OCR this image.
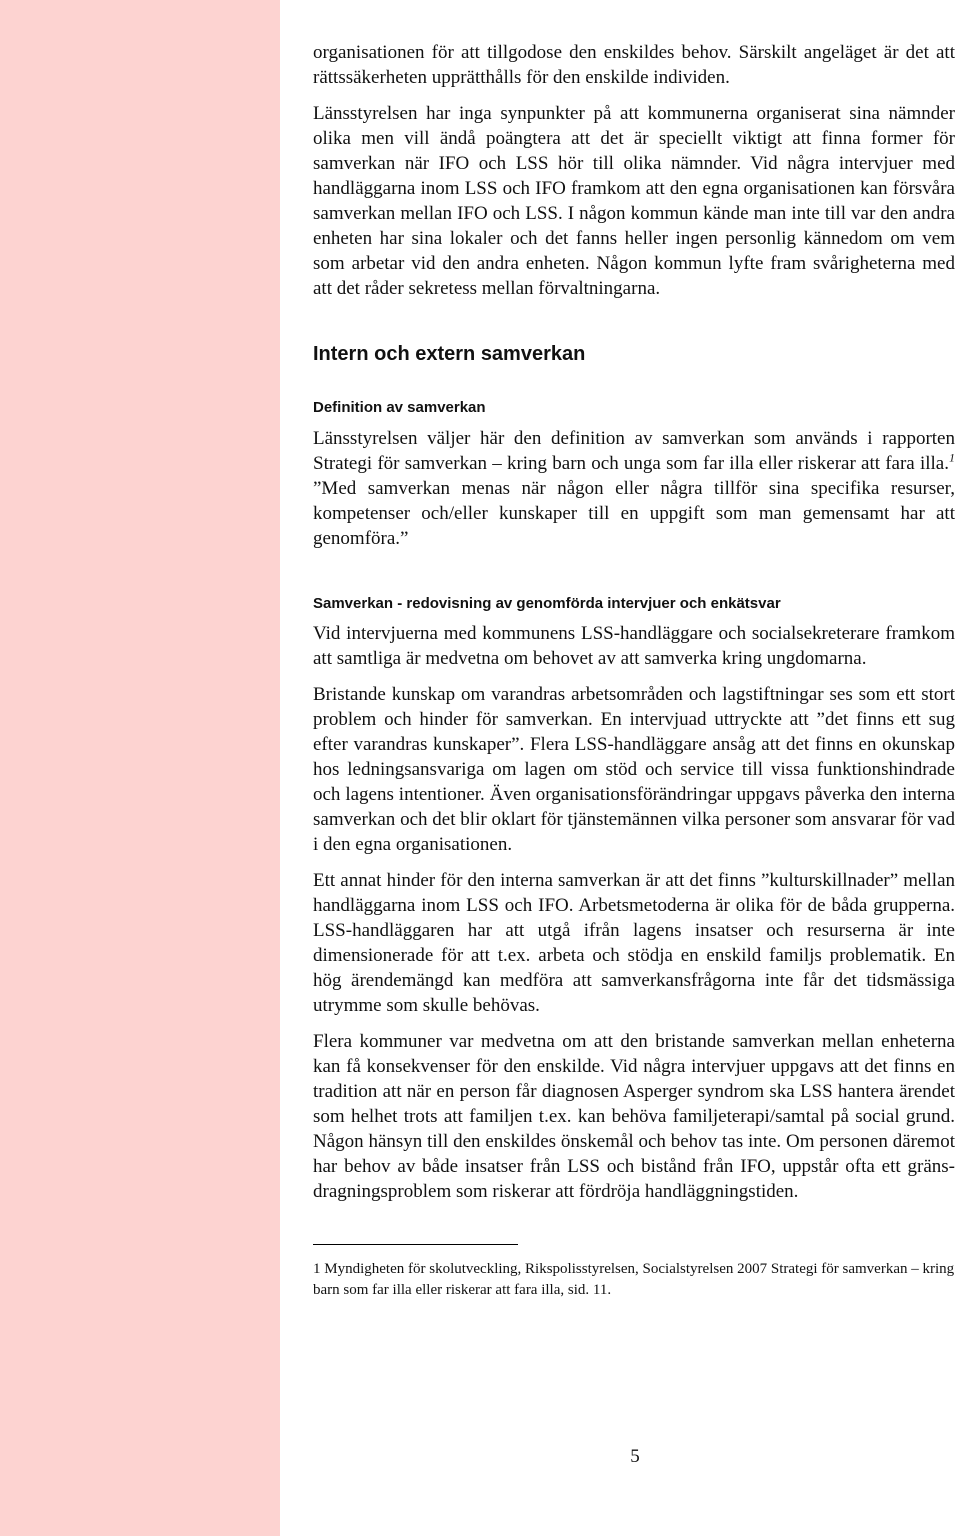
organisationen för att tillgodose den enskildes behov. Särskilt angeläget är det att rättssäkerheten upprätthålls för den enskilde individen.

Länsstyrelsen har inga synpunkter på att kommunerna organiserat sina nämnder olika men vill ändå poängtera att det är speciellt viktigt att finna former för samverkan när IFO och LSS hör till olika nämnder. Vid några intervjuer med handläggarna inom LSS och IFO framkom att den egna organisationen kan försvåra samverkan mellan IFO och LSS. I någon kommun kände man inte till var den andra enheten har sina lokaler och det fanns heller ingen personlig kännedom om vem som arbetar vid den andra enheten. Någon kommun lyfte fram svårigheterna med att det råder sekretess mellan förvaltningarna.

Intern och extern samverkan
Definition av samverkan

Länsstyrelsen väljer här den definition av samverkan som används i rapporten Strategi för samverkan – kring barn och unga som far illa eller riskerar att fara illa.$^1$ ”Med samverkan menas när någon eller några tillför sina specifika resurser, kompetenser och/eller kunskaper till en uppgift som man gemensamt har att genomföra.”

Samverkan - redovisning av genomförda intervjuer och enkätsvar

Vid intervjuerna med kommunens LSS-handläggare och socialsekreterare framkom att samtliga är medvetna om behovet av att samverka kring ungdomarna.

Bristande kunskap om varandras arbetsområden och lagstiftningar ses som ett stort problem och hinder för samverkan. En intervjuad uttryckte att ”det finns ett sug efter varandras kunskaper”. Flera LSS-handläggare ansåg att det finns en okunskap hos ledningsansvariga om lagen om stöd och service till vissa funktionshindrade och lagens intentioner. Även organisationsförändringar uppgavs påverka den interna samverkan och det blir oklart för tjänstemännen vilka personer som ansvarar för vad i den egna organisationen.

Ett annat hinder för den interna samverkan är att det finns ”kulturskillnader” mellan handläggarna inom LSS och IFO. Arbetsmetoderna är olika för de båda grupperna. LSS-handläggaren har att utgå ifrån lagens insatser och resurserna är inte dimensionerade för att t.ex. arbeta och stödja en enskild familjs problematik. En hög ärendemängd kan medföra att samverkansfrågorna inte får det tidsmässiga utrymme som skulle behövas.

Flera kommuner var medvetna om att den bristande samverkan mellan enheterna kan få konsekvenser för den enskilde. Vid några intervjuer uppgavs att det finns en tradition att när en person får diagnosen Asperger syndrom ska LSS hantera ärendet som helhet trots att familjen t.ex. kan behöva familjeterapi/samtal på social grund. Någon hänsyn till den enskildes önskemål och behov tas inte. Om personen däremot har behov av både insatser från LSS och bistånd från IFO, uppstår ofta ett gränsdragningsproblem som riskerar att fördröja handläggningstiden.

1 Myndigheten för skolutveckling, Rikspolisstyrelsen, Socialstyrelsen 2007 Strategi för samverkan – kring barn som far illa eller riskerar att fara illa, sid. 11.

5
